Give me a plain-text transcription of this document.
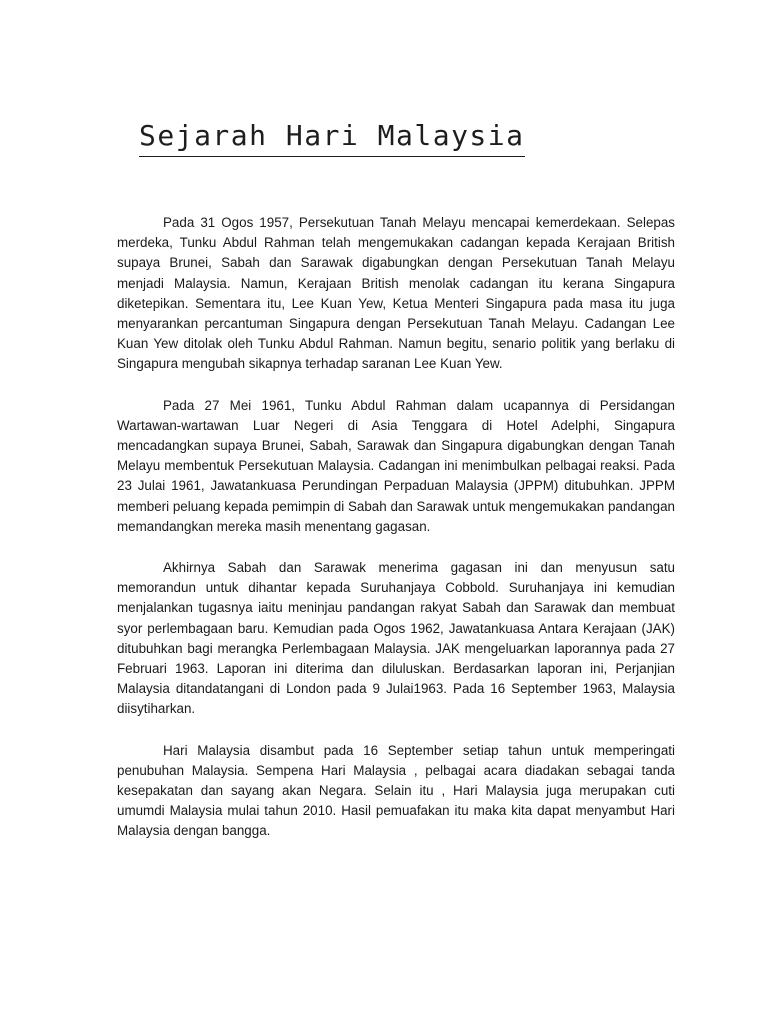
Sejarah Hari Malaysia

Pada 31 Ogos 1957, Persekutuan Tanah Melayu mencapai kemerdekaan. Selepas merdeka, Tunku Abdul Rahman telah mengemukakan cadangan kepada Kerajaan British supaya Brunei, Sabah dan Sarawak digabungkan dengan Persekutuan Tanah Melayu menjadi Malaysia. Namun, Kerajaan British menolak cadangan itu kerana Singapura diketepikan. Sementara itu, Lee Kuan Yew, Ketua Menteri Singapura pada masa itu juga menyarankan percantuman Singapura dengan Persekutuan Tanah Melayu. Cadangan Lee Kuan Yew ditolak oleh Tunku Abdul Rahman. Namun begitu, senario politik yang berlaku di Singapura mengubah sikapnya terhadap saranan Lee Kuan Yew.

Pada 27 Mei 1961, Tunku Abdul Rahman dalam ucapannya di Persidangan Wartawan-wartawan Luar Negeri di Asia Tenggara di Hotel Adelphi, Singapura mencadangkan supaya Brunei, Sabah, Sarawak dan Singapura digabungkan dengan Tanah Melayu membentuk Persekutuan Malaysia. Cadangan ini menimbulkan pelbagai reaksi. Pada 23 Julai 1961, Jawatankuasa Perundingan Perpaduan Malaysia (JPPM) ditubuhkan. JPPM memberi peluang kepada pemimpin di Sabah dan Sarawak untuk mengemukakan pandangan memandangkan mereka masih menentang gagasan.

Akhirnya Sabah dan Sarawak menerima gagasan ini dan menyusun satu memorandun untuk dihantar kepada Suruhanjaya Cobbold. Suruhanjaya ini kemudian menjalankan tugasnya iaitu meninjau pandangan rakyat Sabah dan Sarawak dan membuat syor perlembagaan baru. Kemudian pada Ogos 1962, Jawatankuasa Antara Kerajaan (JAK) ditubuhkan bagi merangka Perlembagaan Malaysia. JAK mengeluarkan laporannya pada 27 Februari 1963. Laporan ini diterima dan diluluskan. Berdasarkan laporan ini, Perjanjian Malaysia ditandatangani di London pada 9 Julai1963. Pada 16 September 1963, Malaysia diisytiharkan.

Hari Malaysia disambut pada 16 September setiap tahun untuk memperingati penubuhan Malaysia. Sempena Hari Malaysia , pelbagai acara diadakan sebagai tanda kesepakatan dan sayang akan Negara. Selain itu , Hari Malaysia juga merupakan cuti umumdi Malaysia mulai tahun 2010. Hasil pemuafakan itu maka kita dapat menyambut Hari Malaysia dengan bangga.
